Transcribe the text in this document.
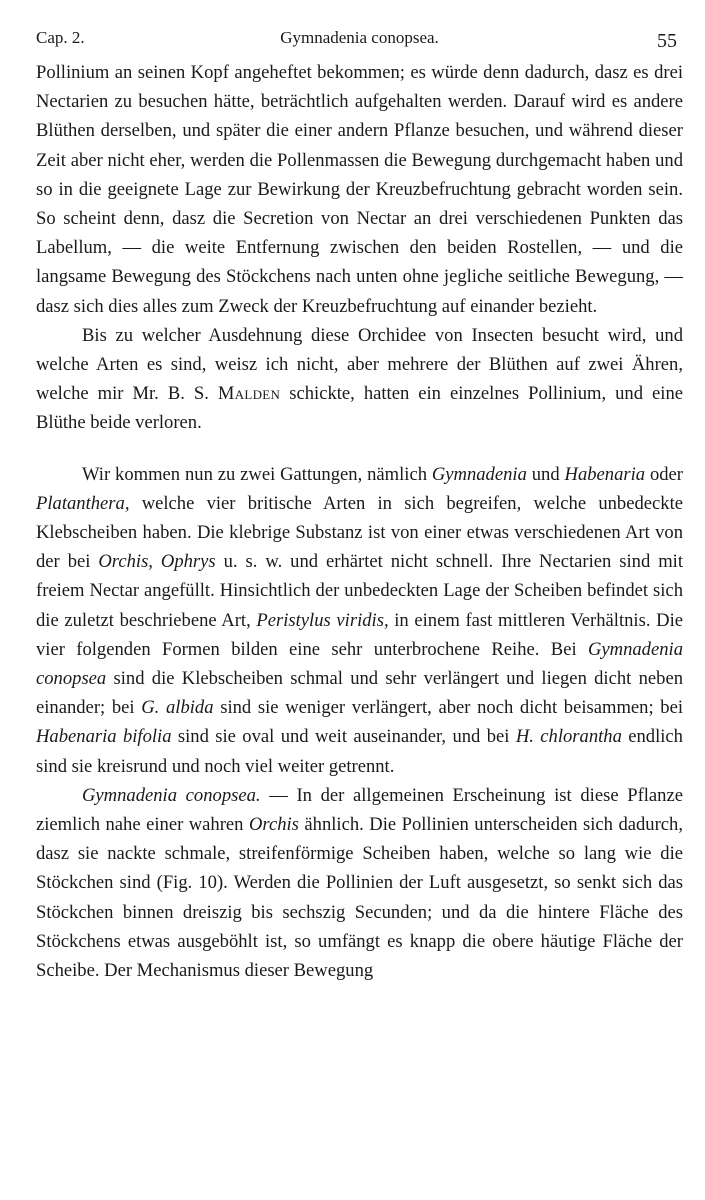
Cap. 2.	Gymnadenia conopsea.	55

Pollinium an seinen Kopf angeheftet bekommen; es würde denn dadurch, dasz es drei Nectarien zu besuchen hätte, beträchtlich aufgehalten werden. Darauf wird es andere Blüthen derselben, und später die einer andern Pflanze besuchen, und während dieser Zeit aber nicht eher, werden die Pollenmassen die Bewegung durchgemacht haben und so in die geeignete Lage zur Bewirkung der Kreuzbefruchtung gebracht worden sein. So scheint denn, dasz die Secretion von Nectar an drei verschiedenen Punkten das Labellum, — die weite Entfernung zwischen den beiden Rostellen, — und die langsame Bewegung des Stöckchens nach unten ohne jegliche seitliche Bewegung, — dasz sich dies alles zum Zweck der Kreuzbefruchtung auf einander bezieht.

Bis zu welcher Ausdehnung diese Orchidee von Insecten besucht wird, und welche Arten es sind, weisz ich nicht, aber mehrere der Blüthen auf zwei Ähren, welche mir Mr. B. S. Malden schickte, hatten ein einzelnes Pollinium, und eine Blüthe beide verloren.

Wir kommen nun zu zwei Gattungen, nämlich Gymnadenia und Habenaria oder Platanthera, welche vier britische Arten in sich begreifen, welche unbedeckte Klebscheiben haben. Die klebrige Substanz ist von einer etwas verschiedenen Art von der bei Orchis, Ophrys u. s. w. und erhärtet nicht schnell. Ihre Nectarien sind mit freiem Nectar angefüllt. Hinsichtlich der unbedeckten Lage der Scheiben befindet sich die zuletzt beschriebene Art, Peristylus viridis, in einem fast mittleren Verhältnis. Die vier folgenden Formen bilden eine sehr unterbrochene Reihe. Bei Gymnadenia conopsea sind die Klebscheiben schmal und sehr verlängert und liegen dicht neben einander; bei G. albida sind sie weniger verlängert, aber noch dicht beisammen; bei Habenaria bifolia sind sie oval und weit auseinander, und bei H. chlorantha endlich sind sie kreisrund und noch viel weiter getrennt.

Gymnadenia conopsea. — In der allgemeinen Erscheinung ist diese Pflanze ziemlich nahe einer wahren Orchis ähnlich. Die Pollinien unterscheiden sich dadurch, dasz sie nackte schmale, streifenförmige Scheiben haben, welche so lang wie die Stöckchen sind (Fig. 10). Werden die Pollinien der Luft ausgesetzt, so senkt sich das Stöckchen binnen dreiszig bis sechszig Secunden; und da die hintere Fläche des Stöckchens etwas ausgeböhlt ist, so umfängt es knapp die obere häutige Fläche der Scheibe. Der Mechanismus dieser Bewegung
